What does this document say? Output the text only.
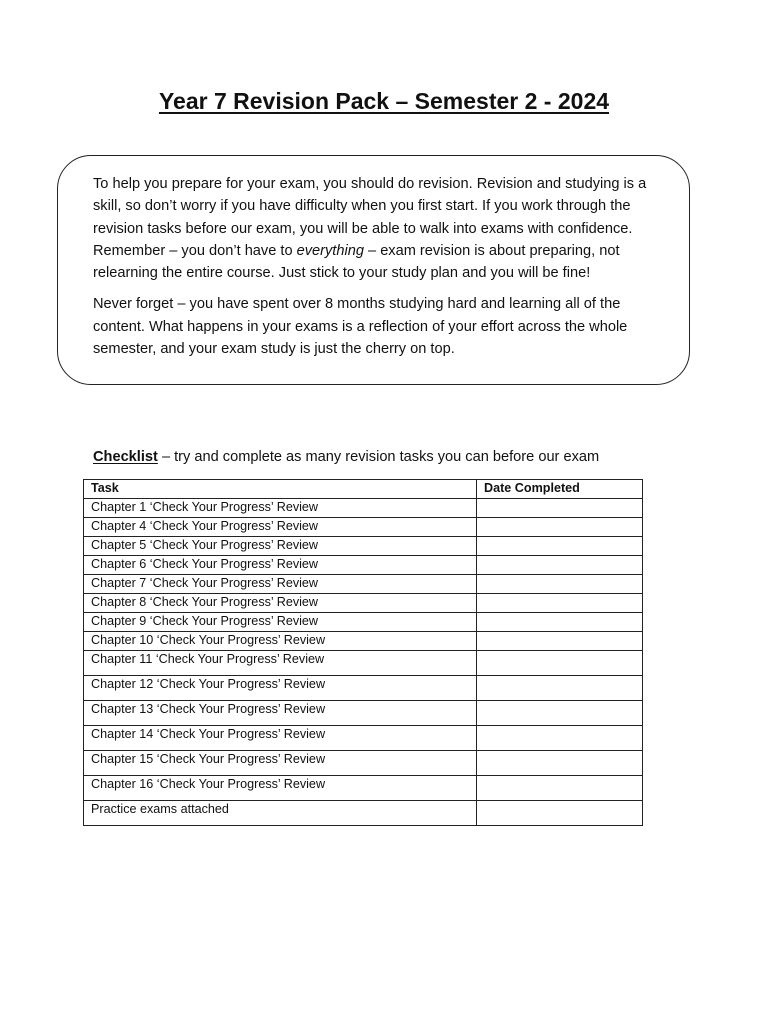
Year 7 Revision Pack – Semester 2 - 2024

To help you prepare for your exam, you should do revision. Revision and studying is a skill, so don’t worry if you have difficulty when you first start. If you work through the revision tasks before our exam, you will be able to walk into exams with confidence. Remember – you don’t have to everything – exam revision is about preparing, not relearning the entire course. Just stick to your study plan and you will be fine!

Never forget – you have spent over 8 months studying hard and learning all of the content. What happens in your exams is a reflection of your effort across the whole semester, and your exam study is just the cherry on top.

Checklist – try and complete as many revision tasks you can before our exam

Task	Date Completed
Chapter 1 ‘Check Your Progress’ Review	
Chapter 4 ‘Check Your Progress’ Review	
Chapter 5 ‘Check Your Progress’ Review	
Chapter 6 ‘Check Your Progress’ Review	
Chapter 7 ‘Check Your Progress’ Review	
Chapter 8 ‘Check Your Progress’ Review	
Chapter 9 ‘Check Your Progress’ Review	
Chapter 10 ‘Check Your Progress’ Review	
Chapter 11 ‘Check Your Progress’ Review	
Chapter 12 ‘Check Your Progress’ Review	
Chapter 13 ‘Check Your Progress’ Review	
Chapter 14 ‘Check Your Progress’ Review	
Chapter 15 ‘Check Your Progress’ Review	
Chapter 16 ‘Check Your Progress’ Review	
Practice exams attached	
